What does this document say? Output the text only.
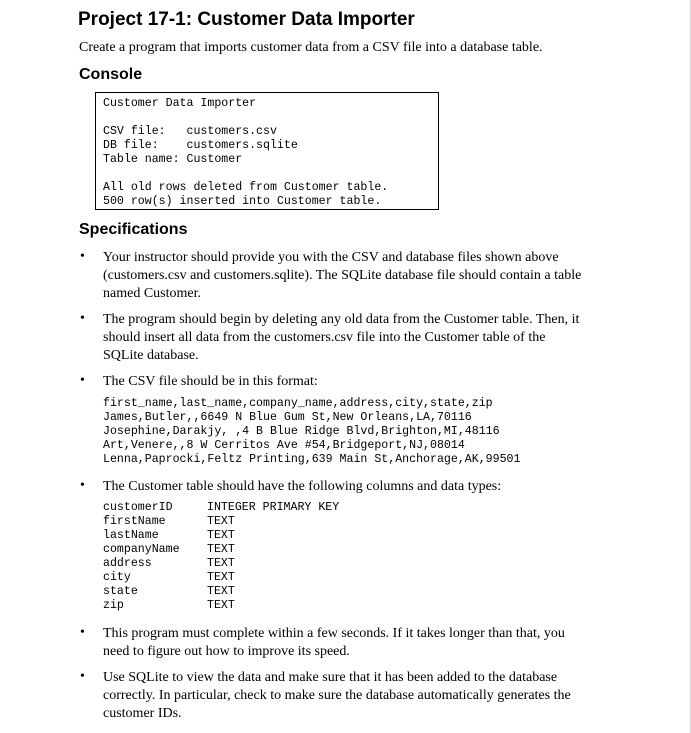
Project 17-1: Customer Data Importer
Create a program that imports customer data from a CSV file into a database table.
Console
Customer Data Importer
CSV file:   customers.csv
DB file:    customers.sqlite
Table name: Customer
All old rows deleted from Customer table.
500 row(s) inserted into Customer table.
Specifications
• Your instructor should provide you with the CSV and database files shown above
(customers.csv and customers.sqlite). The SQLite database file should contain a table
named Customer.
• The program should begin by deleting any old data from the Customer table. Then, it
should insert all data from the customers.csv file into the Customer table of the
SQLite database.
• The CSV file should be in this format:
first_name,last_name,company_name,address,city,state,zip
James,Butler,,6649 N Blue Gum St,New Orleans,LA,70116
Josephine,Darakjy, ,4 B Blue Ridge Blvd,Brighton,MI,48116
Art,Venere,,8 W Cerritos Ave #54,Bridgeport,NJ,08014
Lenna,Paprocki,Feltz Printing,639 Main St,Anchorage,AK,99501
• The Customer table should have the following columns and data types:
customerID	INTEGER PRIMARY KEY
firstName	TEXT
lastName	TEXT
companyName	TEXT
address	TEXT
city	TEXT
state	TEXT
zip	TEXT
• This program must complete within a few seconds. If it takes longer than that, you
need to figure out how to improve its speed.
• Use SQLite to view the data and make sure that it has been added to the database
correctly. In particular, check to make sure the database automatically generates the
customer IDs.
